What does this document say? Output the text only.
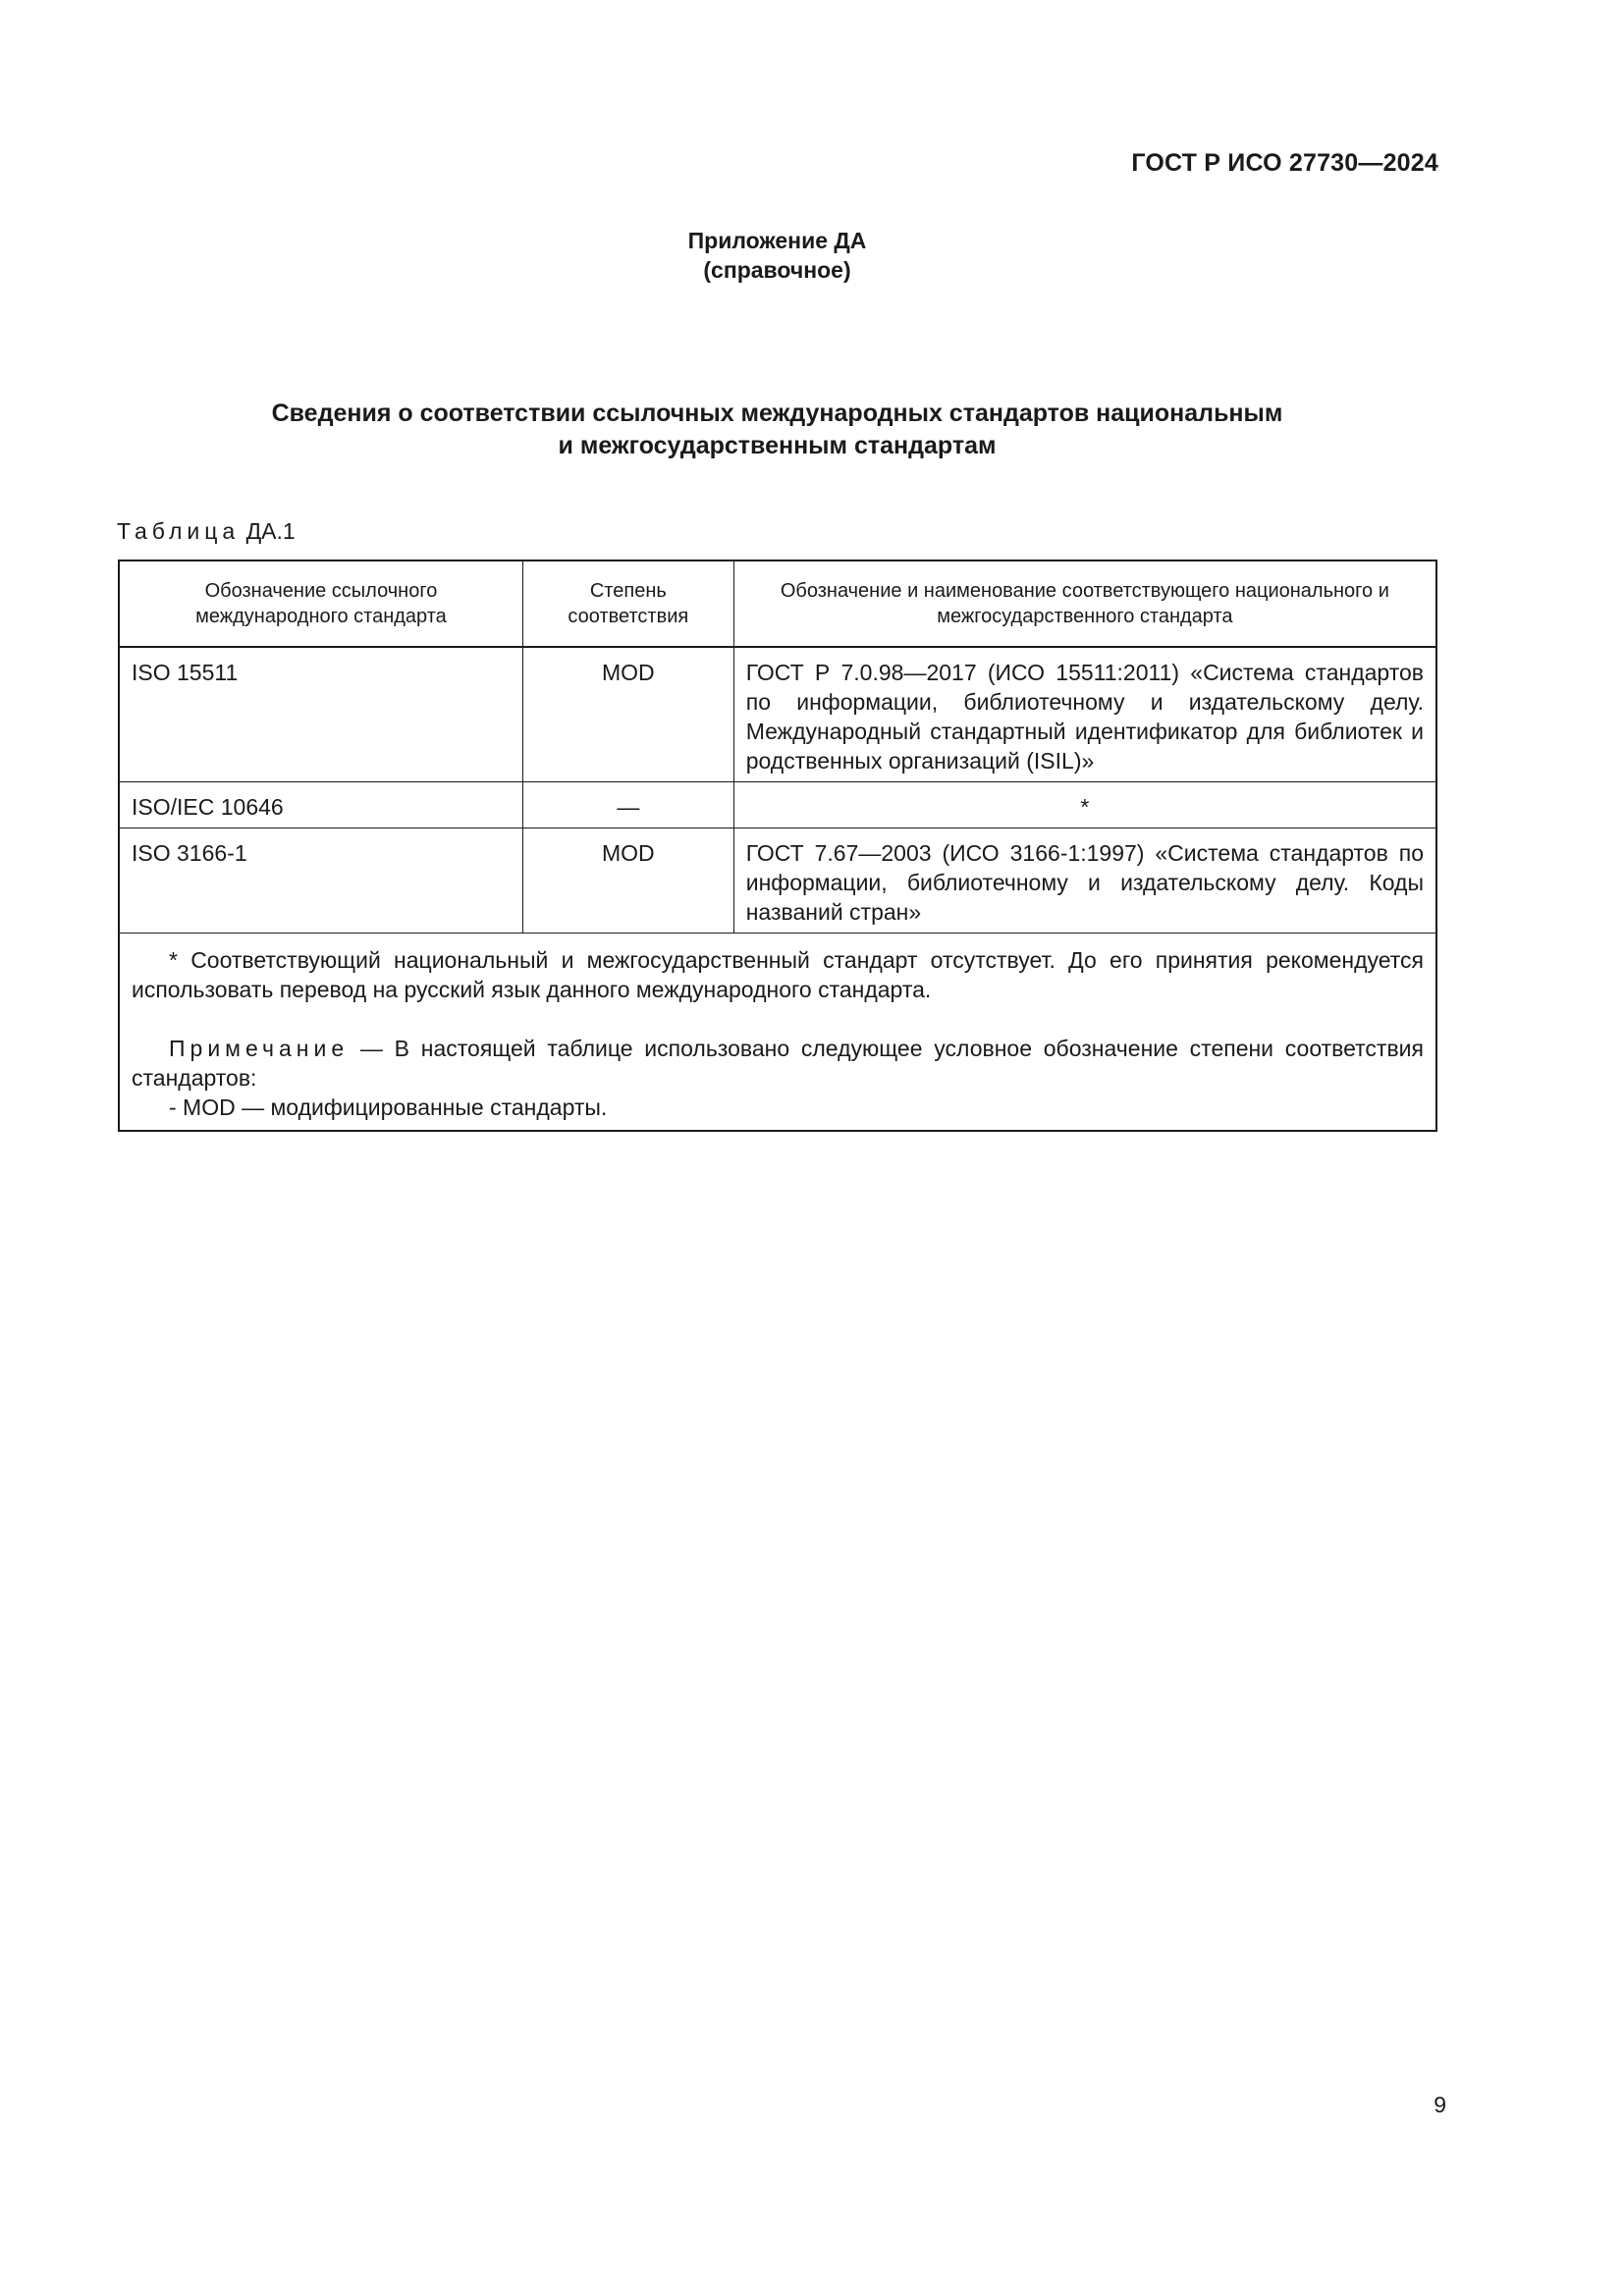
ГОСТ Р ИСО 27730—2024
Приложение ДА
(справочное)
Сведения о соответствии ссылочных международных стандартов национальным
и межгосударственным стандартам
Таблица ДА.1
Обозначение ссылочного международного стандарта	Степень соответствия	Обозначение и наименование соответствующего национального и межгосударственного стандарта
ISO 15511	MOD	ГОСТ Р 7.0.98—2017 (ИСО 15511:2011) «Система стандартов по информации, библиотечному и издательскому делу. Международный стандартный идентификатор для библиотек и родственных организаций (ISIL)»
ISO/IEC 10646	—	*
ISO 3166-1	MOD	ГОСТ 7.67—2003 (ИСО 3166-1:1997) «Система стандартов по информации, библиотечному и издательскому делу. Коды названий стран»

* Соответствующий национальный и межгосударственный стандарт отсутствует. До его принятия рекомендуется использовать перевод на русский язык данного международного стандарта.
Примечание — В настоящей таблице использовано следующее условное обозначение степени соответствия стандартов:
- MOD — модифицированные стандарты.		
9
